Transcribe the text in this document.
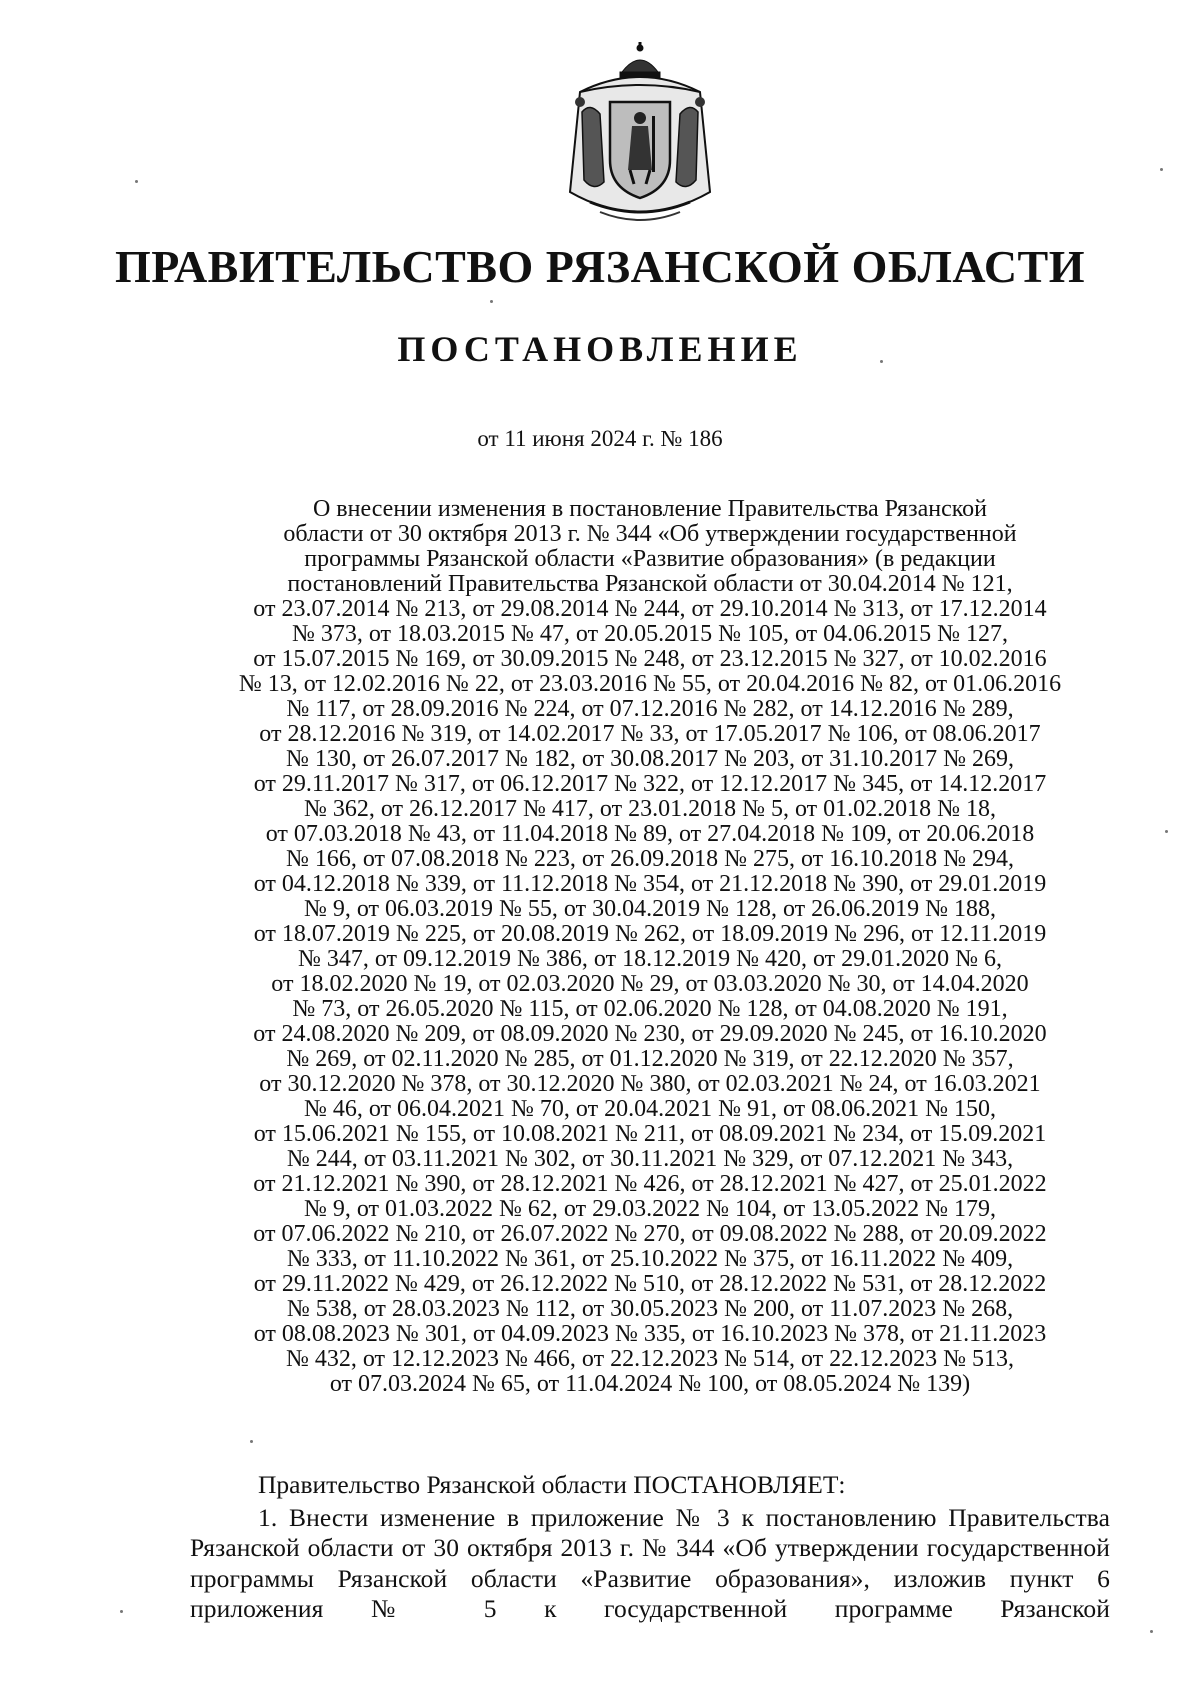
ПРАВИТЕЛЬСТВО РЯЗАНСКОЙ ОБЛАСТИ
ПОСТАНОВЛЕНИЕ
от 11 июня 2024 г. № 186
О внесении изменения в постановление Правительства Рязанской
области от 30 октября 2013 г. № 344 «Об утверждении государственной
программы Рязанской области «Развитие образования» (в редакции
постановлений Правительства Рязанской области от 30.04.2014 № 121,
от 23.07.2014 № 213, от 29.08.2014 № 244, от 29.10.2014 № 313, от 17.12.2014
№ 373, от 18.03.2015 № 47, от 20.05.2015 № 105, от 04.06.2015 № 127,
от 15.07.2015 № 169, от 30.09.2015 № 248, от 23.12.2015 № 327, от 10.02.2016
№ 13, от 12.02.2016 № 22, от 23.03.2016 № 55, от 20.04.2016 № 82, от 01.06.2016
№ 117, от 28.09.2016 № 224, от 07.12.2016 № 282, от 14.12.2016 № 289,
от 28.12.2016 № 319, от 14.02.2017 № 33, от 17.05.2017 № 106, от 08.06.2017
№ 130, от 26.07.2017 № 182, от 30.08.2017 № 203, от 31.10.2017 № 269,
от 29.11.2017 № 317, от 06.12.2017 № 322, от 12.12.2017 № 345, от 14.12.2017
№ 362, от 26.12.2017 № 417, от 23.01.2018 № 5, от 01.02.2018 № 18,
от 07.03.2018 № 43, от 11.04.2018 № 89, от 27.04.2018 № 109, от 20.06.2018
№ 166, от 07.08.2018 № 223, от 26.09.2018 № 275, от 16.10.2018 № 294,
от 04.12.2018 № 339, от 11.12.2018 № 354, от 21.12.2018 № 390, от 29.01.2019
№ 9, от 06.03.2019 № 55, от 30.04.2019 № 128, от 26.06.2019 № 188,
от 18.07.2019 № 225, от 20.08.2019 № 262, от 18.09.2019 № 296, от 12.11.2019
№ 347, от 09.12.2019 № 386, от 18.12.2019 № 420, от 29.01.2020 № 6,
от 18.02.2020 № 19, от 02.03.2020 № 29, от 03.03.2020 № 30, от 14.04.2020
№ 73, от 26.05.2020 № 115, от 02.06.2020 № 128, от 04.08.2020 № 191,
от 24.08.2020 № 209, от 08.09.2020 № 230, от 29.09.2020 № 245, от 16.10.2020
№ 269, от 02.11.2020 № 285, от 01.12.2020 № 319, от 22.12.2020 № 357,
от 30.12.2020 № 378, от 30.12.2020 № 380, от 02.03.2021 № 24, от 16.03.2021
№ 46, от 06.04.2021 № 70, от 20.04.2021 № 91, от 08.06.2021 № 150,
от 15.06.2021 № 155, от 10.08.2021 № 211, от 08.09.2021 № 234, от 15.09.2021
№ 244, от 03.11.2021 № 302, от 30.11.2021 № 329, от 07.12.2021 № 343,
от 21.12.2021 № 390, от 28.12.2021 № 426, от 28.12.2021 № 427, от 25.01.2022
№ 9, от 01.03.2022 № 62, от 29.03.2022 № 104, от 13.05.2022 № 179,
от 07.06.2022 № 210, от 26.07.2022 № 270, от 09.08.2022 № 288, от 20.09.2022
№ 333, от 11.10.2022 № 361, от 25.10.2022 № 375, от 16.11.2022 № 409,
от 29.11.2022 № 429, от 26.12.2022 № 510, от 28.12.2022 № 531, от 28.12.2022
№ 538, от 28.03.2023 № 112, от 30.05.2023 № 200, от 11.07.2023 № 268,
от 08.08.2023 № 301, от 04.09.2023 № 335, от 16.10.2023 № 378, от 21.11.2023
№ 432, от 12.12.2023 № 466, от 22.12.2023 № 514, от 22.12.2023 № 513,
от 07.03.2024 № 65, от 11.04.2024 № 100, от 08.05.2024 № 139)
Правительство Рязанской области ПОСТАНОВЛЯЕТ:
1. Внести изменение в приложение № 3 к постановлению Правительства Рязанской области от 30 октября 2013 г. № 344 «Об утверждении государственной программы Рязанской области «Развитие образования», изложив пункт 6 приложения № 5 к государственной программе Рязанской
